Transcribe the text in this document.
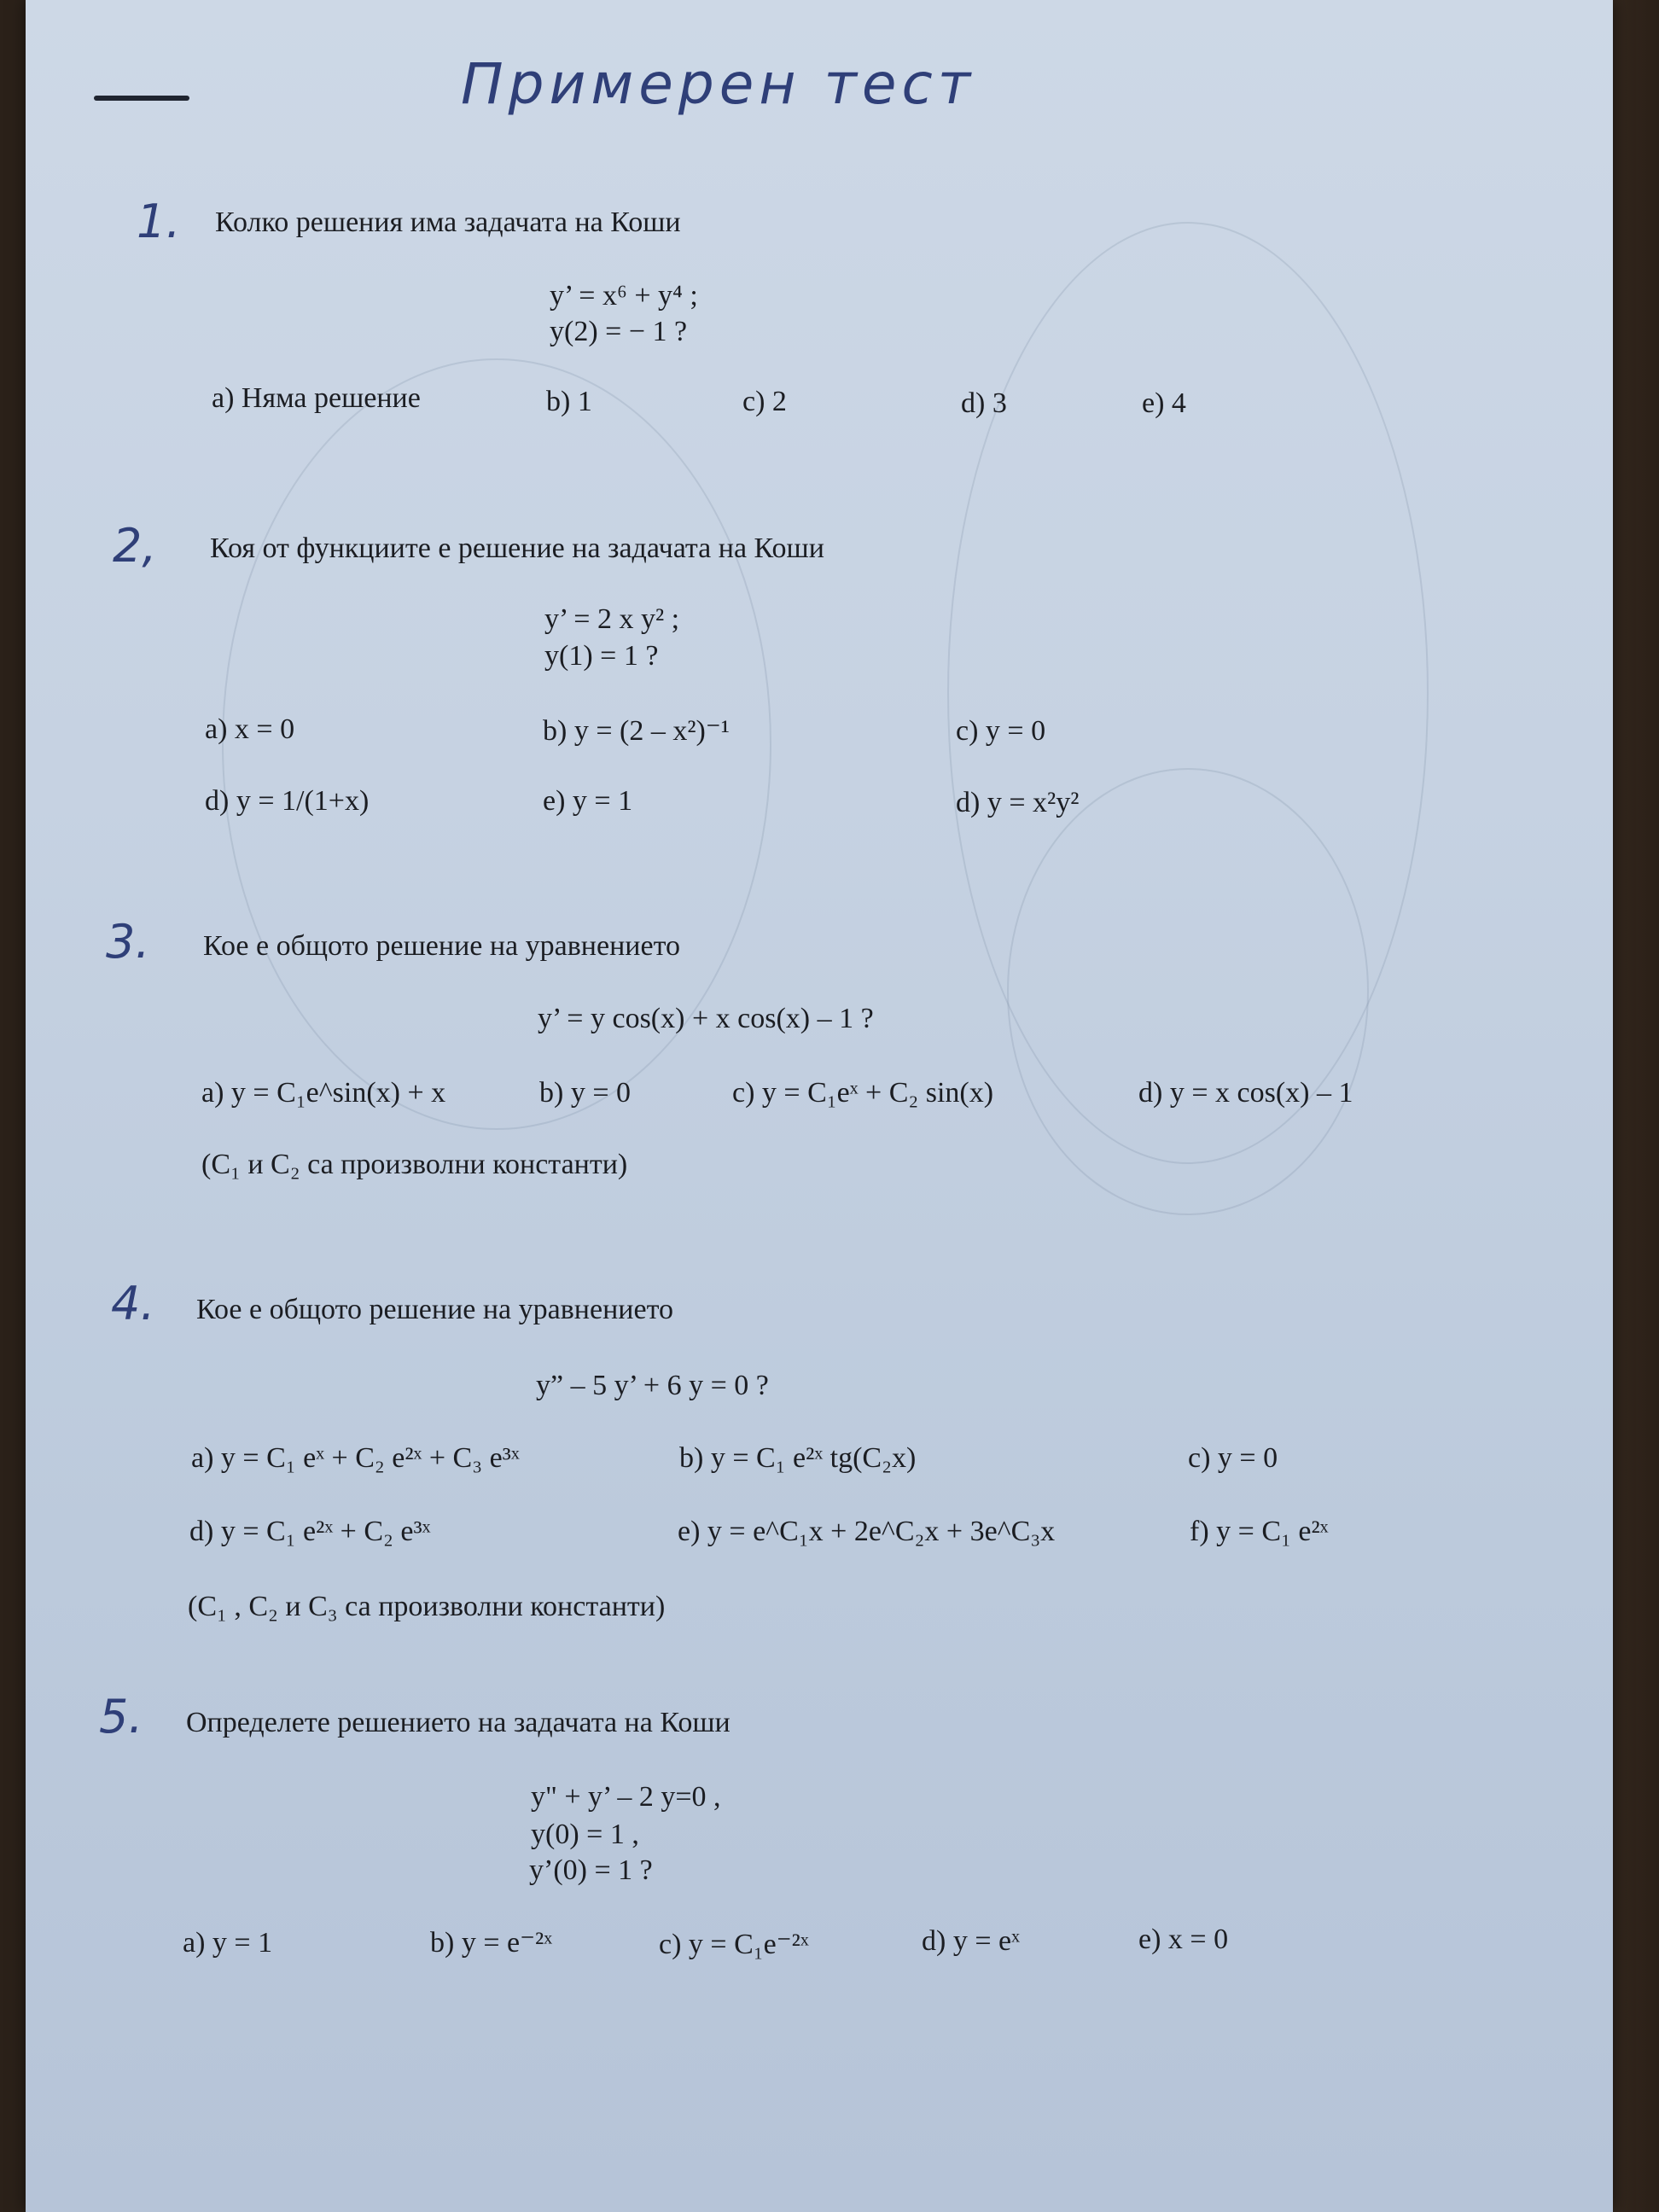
Примерен тест
1. Колко решения има задачата на Коши
y’ = x⁶ + y⁴ ;
y(2) = − 1 ?
a) Няма решение	b) 1	c) 2	d) 3	e) 4
2, Коя от функциите е решение на задачата на Коши
y’ = 2 x y² ;
y(1) = 1 ?
a) x = 0	b) y = (2 – x²)⁻¹	c) y = 0
d) y = 1/(1+x)	e) y = 1	d) y = x²y²
3. Кое е общото решение на уравнението
y’ = y cos(x) + x cos(x) – 1 ?
a) y = C₁e^sin(x) + x	b) y = 0	c) y = C₁eˣ + C₂ sin(x)	d) y = x cos(x) – 1
(C₁ и C₂ са произволни константи)
4. Кое е общото решение на уравнението
y” – 5 y’ + 6 y = 0 ?
a) y = C₁ eˣ + C₂ e²ˣ + C₃ e³ˣ	b) y = C₁ e²ˣ tg(C₂x)	c) y = 0
d) y = C₁ e²ˣ + C₂ e³ˣ	e) y = e^C₁x + 2e^C₂x + 3e^C₃x	f) y = C₁ e²ˣ
(C₁ , C₂ и C₃ са произволни константи)
5. Определете решението на задачата на Коши
y" + y’ – 2 y=0 ,
y(0) = 1 ,
y’(0) = 1 ?
a) y = 1	b) y = e⁻²ˣ	c) y = C₁e⁻²ˣ	d) y = eˣ	e) x = 0
